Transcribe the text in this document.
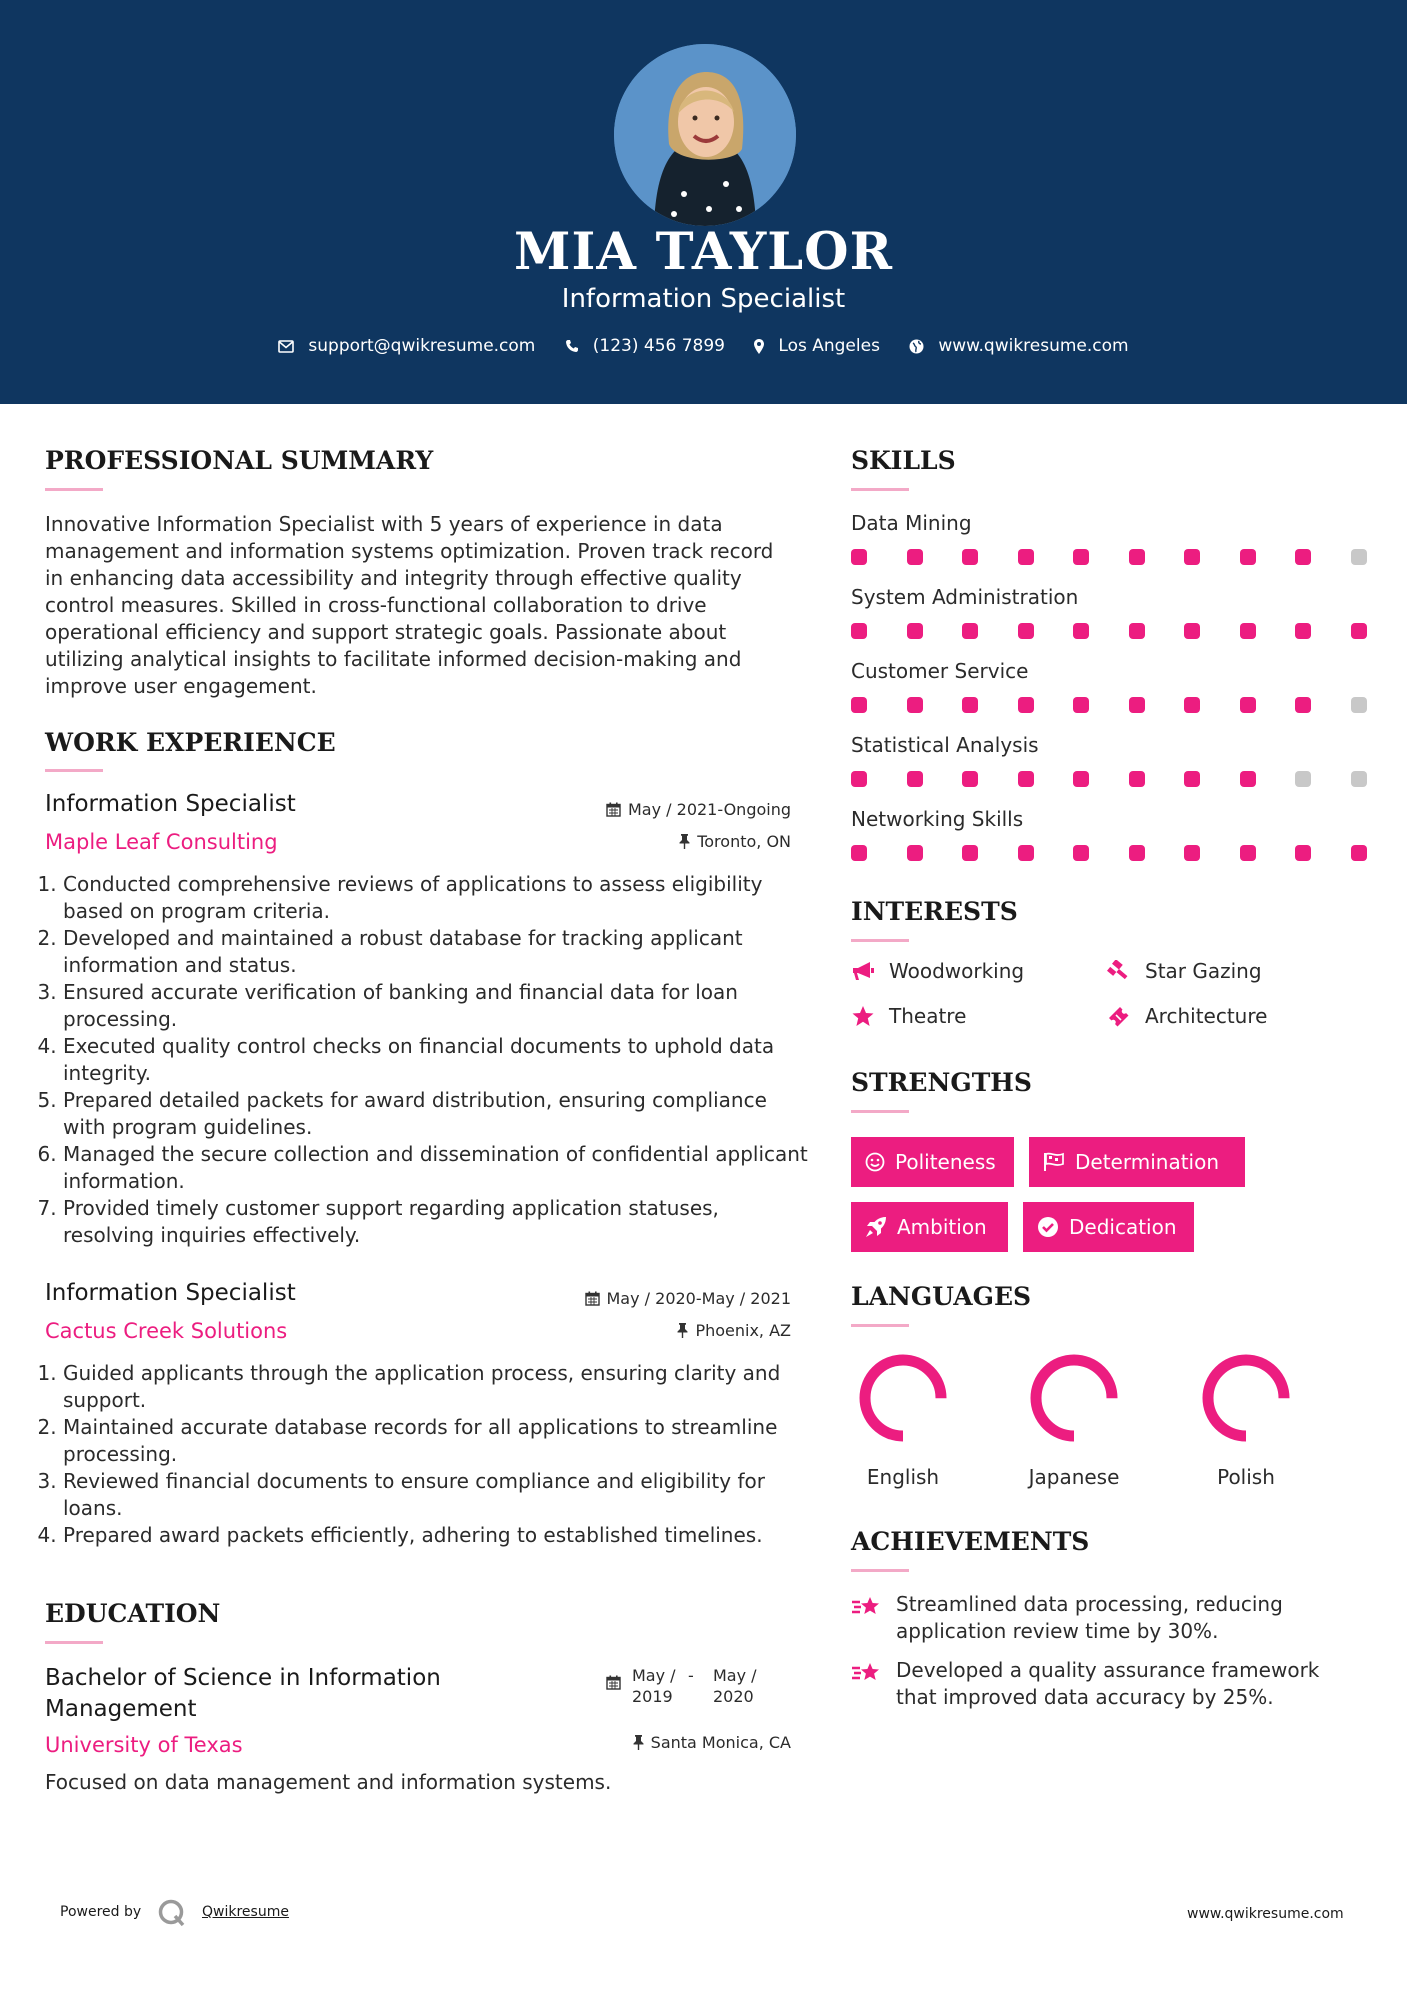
MIA TAYLOR
Information Specialist
support@qwikresume.com
	(123) 456 7899
	Los Angeles
	www.qwikresume.com
PROFESSIONAL SUMMARY
Innovative Information Specialist with 5 years of experience in data management and information systems optimization. Proven track record in enhancing data accessibility and integrity through effective quality control measures. Skilled in cross-functional collaboration to drive operational efficiency and support strategic goals. Passionate about utilizing analytical insights to facilitate informed decision-making and improve user engagement.
WORK EXPERIENCE
Information Specialist
Maple Leaf Consulting
May / 2021-Ongoing
Toronto, ON
1. Conducted comprehensive reviews of applications to assess eligibility based on program criteria.
2. Developed and maintained a robust database for tracking applicant information and status.
3. Ensured accurate verification of banking and financial data for loan processing.
4. Executed quality control checks on financial documents to uphold data integrity.
5. Prepared detailed packets for award distribution, ensuring compliance with program guidelines.
6. Managed the secure collection and dissemination of confidential applicant information.
7. Provided timely customer support regarding application statuses, resolving inquiries effectively.
Information Specialist
Cactus Creek Solutions
May / 2020-May / 2021
Phoenix, AZ
1. Guided applicants through the application process, ensuring clarity and support.
2. Maintained accurate database records for all applications to streamline processing.
3. Reviewed financial documents to ensure compliance and eligibility for loans.
4. Prepared award packets efficiently, adhering to established timelines.
EDUCATION
Bachelor of Science in Information Management
University of Texas
May / 2019
- May / 2020
Santa Monica, CA
Focused on data management and information systems.
SKILLS
Data Mining
System Administration
Customer Service
Statistical Analysis
Networking Skills
INTERESTS
Woodworking	Star Gazing
Theatre	Architecture
STRENGTHS
Politeness	Determination
Ambition	Dedication
LANGUAGES
English	Japanese	Polish
ACHIEVEMENTS
Streamlined data processing, reducing application review time by 30%.
Developed a quality assurance framework that improved data accuracy by 25%.
Powered by	Qwikresume	www.qwikresume.com
